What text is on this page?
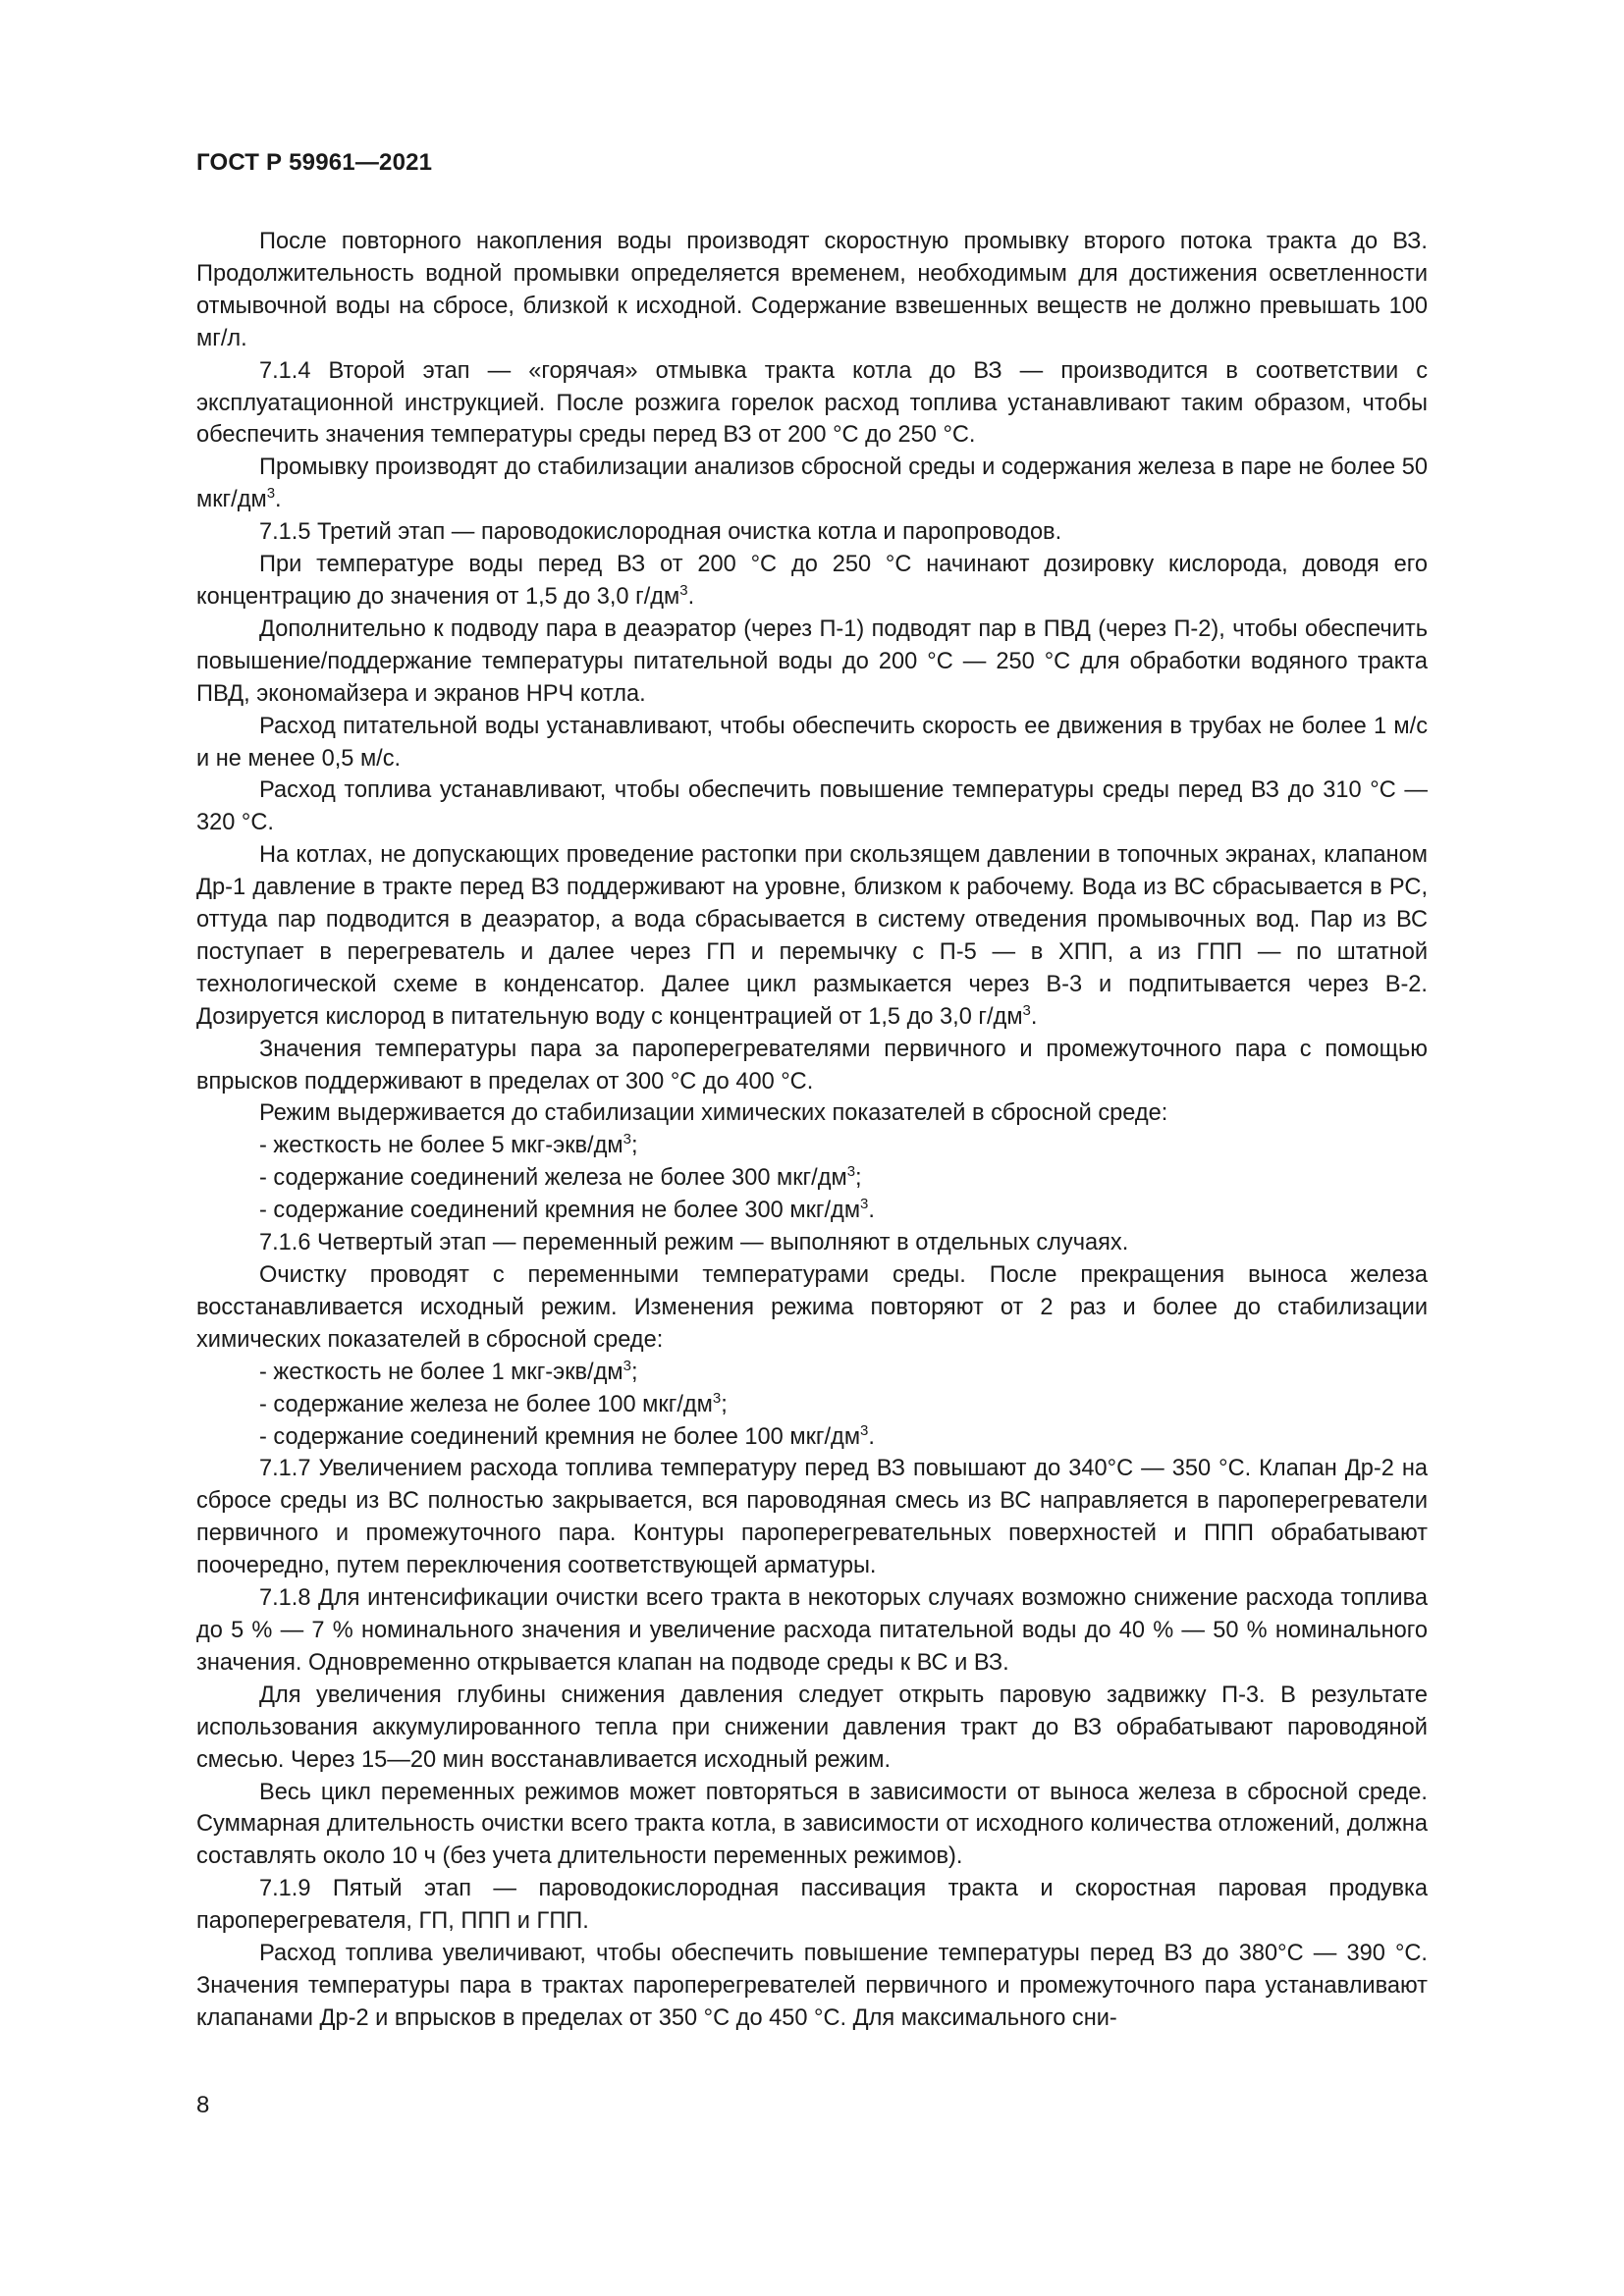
ГОСТ Р 59961—2021

После повторного накопления воды производят скоростную промывку второго потока тракта до ВЗ. Продолжительность водной промывки определяется временем, необходимым для достижения осветленности отмывочной воды на сбросе, близкой к исходной. Содержание взвешенных веществ не должно превышать 100 мг/л.

7.1.4 Второй этап — «горячая» отмывка тракта котла до ВЗ — производится в соответствии с эксплуатационной инструкцией. После розжига горелок расход топлива устанавливают таким образом, чтобы обеспечить значения температуры среды перед ВЗ от 200 °С до 250 °С.

Промывку производят до стабилизации анализов сбросной среды и содержания железа в паре не более 50 мкг/$дм^3$.

7.1.5 Третий этап — пароводокислородная очистка котла и паропроводов.

При температуре воды перед ВЗ от 200 °С до 250 °С начинают дозировку кислорода, доводя его концентрацию до значения от 1,5 до 3,0 $г/дм^3$.

Дополнительно к подводу пара в деаэратор (через П-1) подводят пар в ПВД (через П-2), чтобы обеспечить повышение/поддержание температуры питательной воды до 200 °С — 250 °С для обработки водяного тракта ПВД, экономайзера и экранов НРЧ котла.

Расход питательной воды устанавливают, чтобы обеспечить скорость ее движения в трубах не более 1 м/с и не менее 0,5 м/с.

Расход топлива устанавливают, чтобы обеспечить повышение температуры среды перед ВЗ до 310 °С — 320 °С.

На котлах, не допускающих проведение растопки при скользящем давлении в топочных экранах, клапаном Др-1 давление в тракте перед ВЗ поддерживают на уровне, близком к рабочему. Вода из ВС сбрасывается в РС, оттуда пар подводится в деаэратор, а вода сбрасывается в систему отведения промывочных вод. Пар из ВС поступает в перегреватель и далее через ГП и перемычку с П-5 — в ХПП, а из ГПП — по штатной технологической схеме в конденсатор. Далее цикл размыкается через В-3 и подпитывается через В-2. Дозируется кислород в питательную воду с концентрацией от 1,5 до 3,0 $г/дм^3$.

Значения температуры пара за пароперегревателями первичного и промежуточного пара с помощью впрысков поддерживают в пределах от 300 °С до 400 °С.

Режим выдерживается до стабилизации химических показателей в сбросной среде:

- жесткость не более 5 мкг-$экв/дм^3$;
- содержание соединений железа не более 300 мкг/$дм^3$;
- содержание соединений кремния не более 300 мкг/$дм^3$.

7.1.6 Четвертый этап — переменный режим — выполняют в отдельных случаях.

Очистку проводят с переменными температурами среды. После прекращения выноса железа восстанавливается исходный режим. Изменения режима повторяют от 2 раз и более до стабилизации химических показателей в сбросной среде:

- жесткость не более 1 мкг-$экв/дм^3$;
- содержание железа не более 100 мкг/$дм^3$;
- содержание соединений кремния не более 100 мкг/$дм^3$.

7.1.7 Увеличением расхода топлива температуру перед ВЗ повышают до 340°С — 350 °С. Клапан Др-2 на сбросе среды из ВС полностью закрывается, вся пароводяная смесь из ВС направляется в пароперегреватели первичного и промежуточного пара. Контуры пароперегревательных поверхностей и ППП обрабатывают поочередно, путем переключения соответствующей арматуры.

7.1.8 Для интенсификации очистки всего тракта в некоторых случаях возможно снижение расхода топлива до 5 % — 7 % номинального значения и увеличение расхода питательной воды до 40 % — 50 % номинального значения. Одновременно открывается клапан на подводе среды к ВС и ВЗ.

Для увеличения глубины снижения давления следует открыть паровую задвижку П-3. В результате использования аккумулированного тепла при снижении давления тракт до ВЗ обрабатывают пароводяной смесью. Через 15—20 мин восстанавливается исходный режим.

Весь цикл переменных режимов может повторяться в зависимости от выноса железа в сбросной среде. Суммарная длительность очистки всего тракта котла, в зависимости от исходного количества отложений, должна составлять около 10 ч (без учета длительности переменных режимов).

7.1.9 Пятый этап — пароводокислородная пассивация тракта и скоростная паровая продувка пароперегревателя, ГП, ППП и ГПП.

Расход топлива увеличивают, чтобы обеспечить повышение температуры перед ВЗ до 380°С — 390 °С. Значения температуры пара в трактах пароперегревателей первичного и промежуточного пара устанавливают клапанами Др-2 и впрысков в пределах от 350 °С до 450 °С. Для максимального сни-

8
